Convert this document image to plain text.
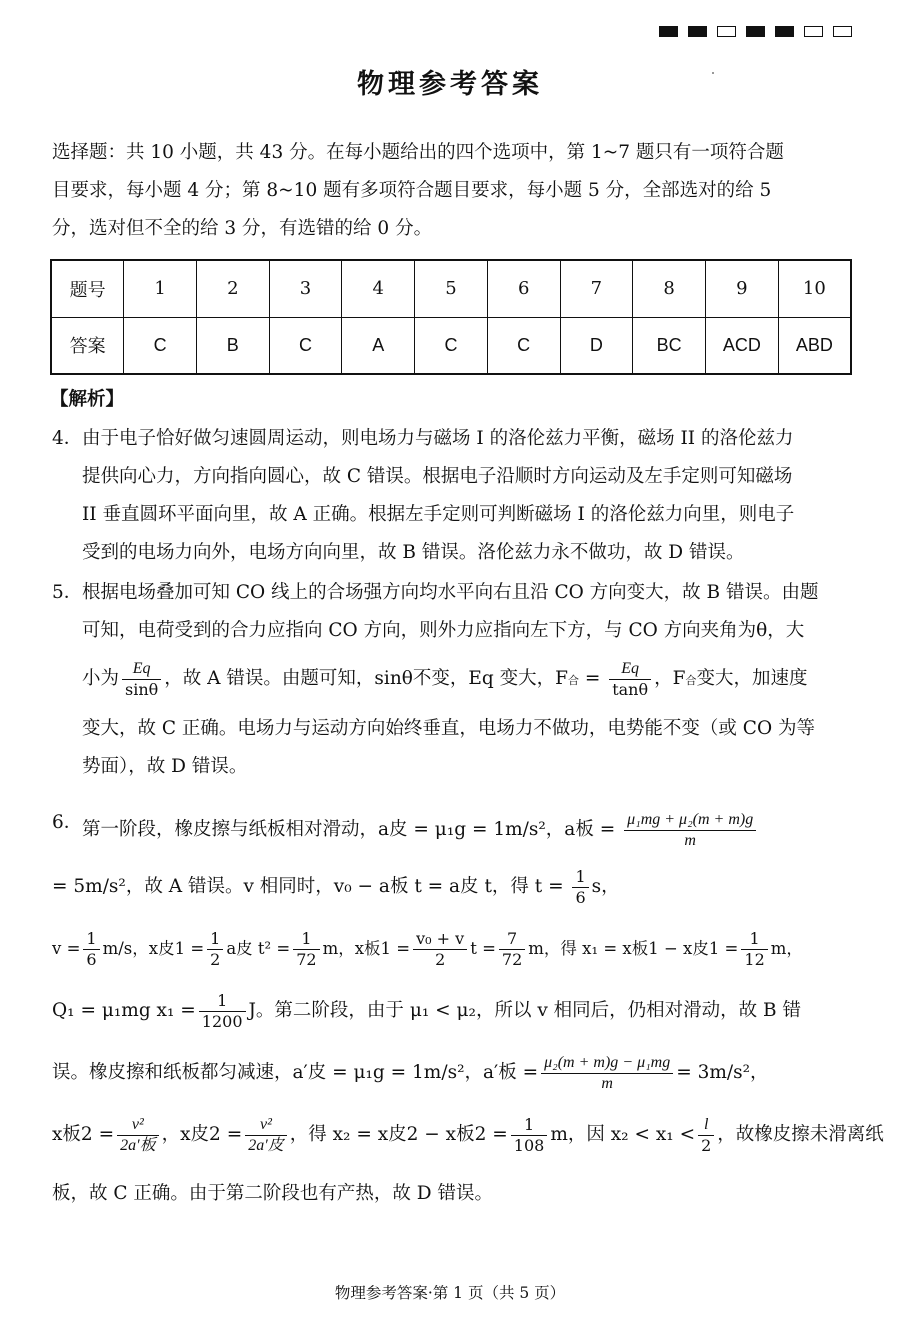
物理参考答案
选择题：共 10 小题，共 43 分。在每小题给出的四个选项中，第 1~7 题只有一项符合题
目要求，每小题 4 分；第 8~10 题有多项符合题目要求，每小题 5 分，全部选对的给 5
分，选对但不全的给 3 分，有选错的给 0 分。
题号	1	2	3	4	5	6	7	8	9	10
答案	C	B	C	A	C	C	D	BC	ACD	ABD
【解析】
4． 由于电子恰好做匀速圆周运动，则电场力与磁场 I 的洛伦兹力平衡，磁场 II 的洛伦兹力
提供向心力，方向指向圆心，故 C 错误。根据电子沿顺时方向运动及左手定则可知磁场
II 垂直圆环平面向里，故 A 正确。根据左手定则可判断磁场 I 的洛伦兹力向里，则电子
受到的电场力向外，电场方向向里，故 B 错误。洛伦兹力永不做功，故 D 错误。
5． 根据电场叠加可知 CO 线上的合场强方向均水平向右且沿 CO 方向变大，故 B 错误。由题
可知，电荷受到的合力应指向 CO 方向，则外力应指向左下方，与 CO 方向夹角为θ，大
小为 $\frac{Eq}{\sin\theta}$ ，故 A 错误。由题可知，sinθ不变，Eq 变大，F合 = $\frac{Eq}{\tan\theta}$ ，F合变大，加速度
变大，故 C 正确。电场力与运动方向始终垂直，电场力不做功，电势能不变（或 CO 为等
势面），故 D 错误。
6． 第一阶段，橡皮擦与纸板相对滑动，a皮 = μ₁g = 1m/s²，a板 = $\frac{\text{μ₁mg + μ₂(m + m)g}}{m}$
= 5m/s²，故 A 错误。v 相同时，v₀ − a板 t = a皮 t，得 $t = \frac{1}{6}$ s，
$v = \frac{1}{6} m/s$，x皮$1 = \frac{1}{2}$ a皮 $t^2 = \frac{1}{72}$ m，x板$1 = \frac{\text{v₀ + v}}{2}$ $t = \frac{7}{72}$ m，得 x₁ = x板1 − x皮$1 = \frac{1}{12}$ m，
Q₁ = μ₁mg $x_1 = \frac{1}{1200}$ J。第二阶段，由于 μ₁ < μ₂，所以 v 相同后，仍相对滑动，故 B 错
误。橡皮擦和纸板都匀减速，a′皮 = μ₁g = 1m/s²，a′板 = $\frac{\text{μ₂(m + m)g − μ₁mg}}{m} = 3m/s^2$，
x板$2 = \frac{\text{v²}}{\text{2a′板}}$ ，x皮$2 = \frac{\text{v²}}{\text{2a′皮}}$ ，得 x₂ = x皮2 − x板$2 = \frac{1}{108}$ m，因 $x_2 < x_1 < \frac{l}{2}$ ，故橡皮擦未滑离纸
板，故 C 正确。由于第二阶段也有产热，故 D 错误。
物理参考答案·第 1 页（共 5 页）
